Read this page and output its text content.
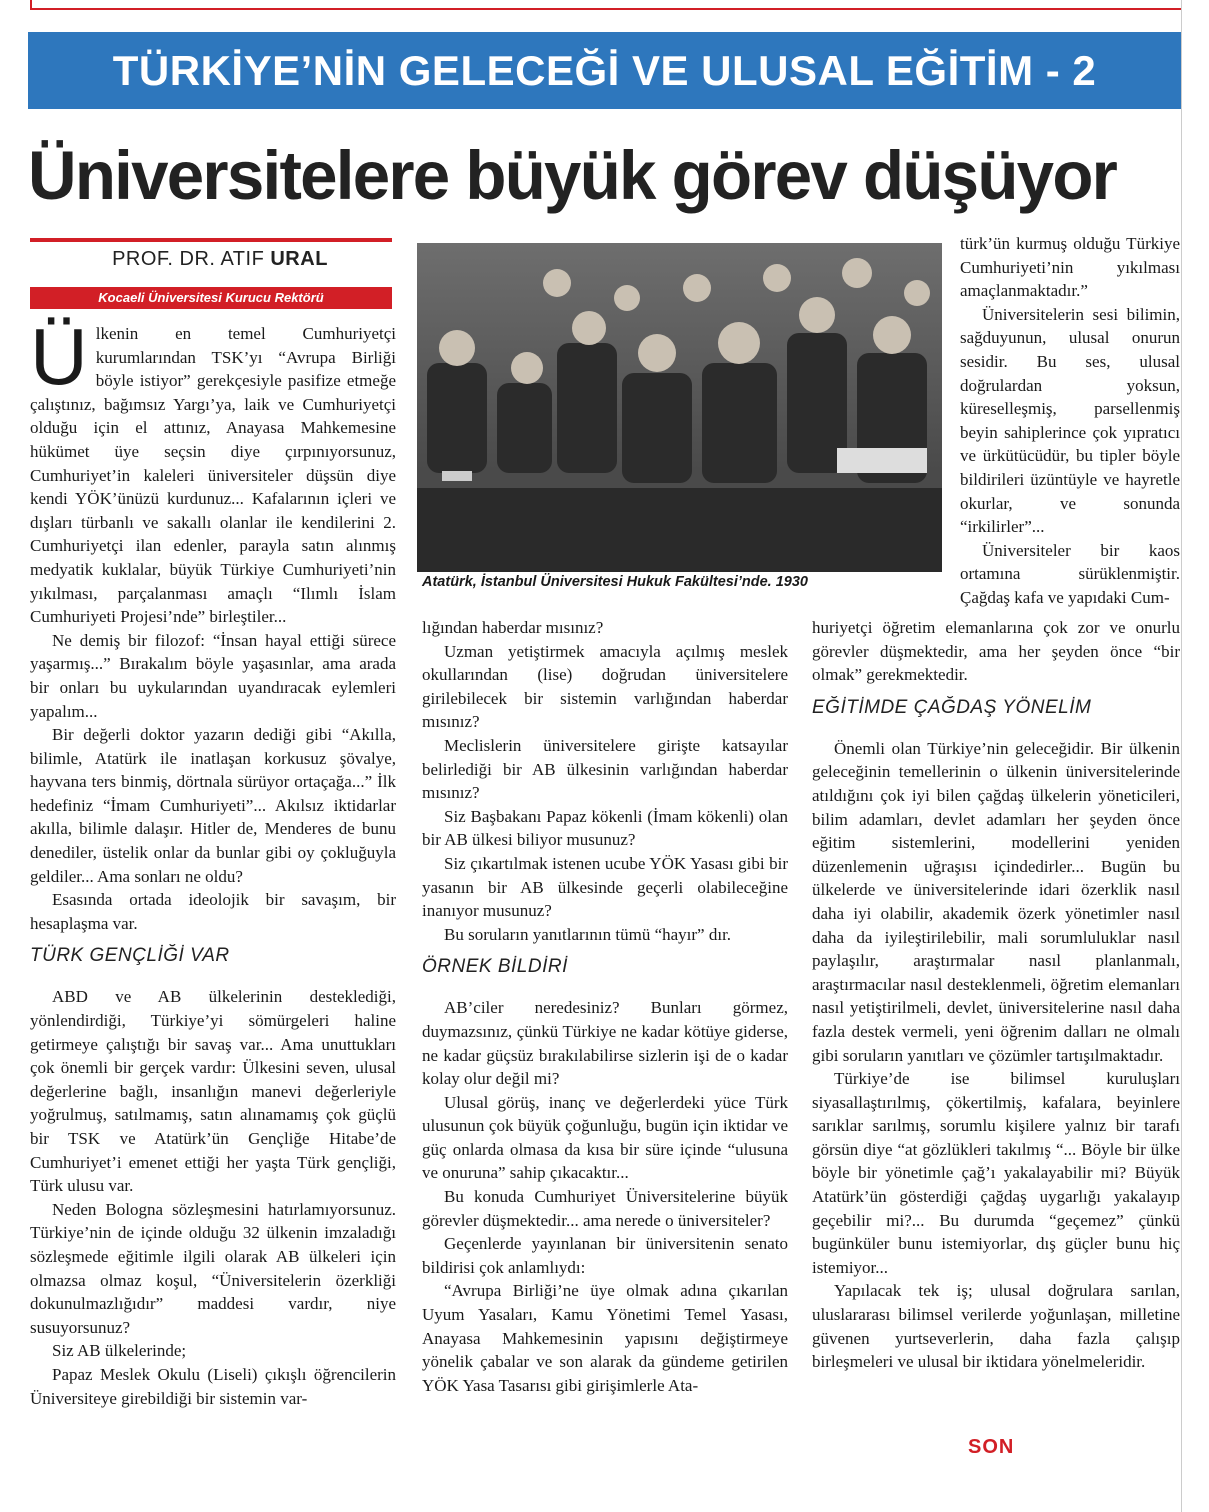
TÜRKİYE’NİN GELECEĞİ VE ULUSAL EĞİTİM - 2
Üniversitelere büyük görev düşüyor
PROF. DR. ATIF URAL
Kocaeli Üniversitesi Kurucu Rektörü

Ülkenin en temel Cumhuriyetçi kurumlarından TSK’yı “Avrupa Birliği böyle istiyor” gerekçesiyle pasifize etmeğe çalıştınız, bağımsız Yargı’ya, laik ve Cumhuriyetçi olduğu için el attınız, Anayasa Mahkemesine hükümet üye seçsin diye çırpınıyorsunuz, Cumhuriyet’in kaleleri üniversiteler düşsün diye kendi YÖK’ünüzü kurdunuz... Kafalarının içleri ve dışları türbanlı ve sakallı olanlar ile kendilerini 2. Cumhuriyetçi ilan edenler, parayla satın alınmış medyatik kuklalar, büyük Türkiye Cumhuriyeti’nin yıkılması, parçalanması amaçlı “Ilımlı İslam Cumhuriyeti Projesi’nde” birleştiler...

Ne demiş bir filozof: “İnsan hayal ettiği sürece yaşarmış...” Bırakalım böyle yaşasınlar, ama arada bir onları bu uykularından uyandıracak eylemleri yapalım...

Bir değerli doktor yazarın dediği gibi “Akılla, bilimle, Atatürk ile inatlaşan korkusuz şövalye, hayvana ters binmiş, dörtnala sürüyor ortaçağa...” İlk hedefiniz “İmam Cumhuriyeti”... Akılsız iktidarlar akılla, bilimle dalaşır. Hitler de, Menderes de bunu denediler, üstelik onlar da bunlar gibi oy çokluğuyla geldiler... Ama sonları ne oldu?

Esasında ortada ideolojik bir savaşım, bir hesaplaşma var.

TÜRK GENÇLİĞİ VAR

ABD ve AB ülkelerinin desteklediği, yönlendirdiği, Türkiye’yi sömürgeleri haline getirmeye çalıştığı bir savaş var... Ama unuttukları çok önemli bir gerçek vardır: Ülkesini seven, ulusal değerlerine bağlı, insanlığın manevi değerleriyle yoğrulmuş, satılmamış, satın alınamamış çok güçlü bir TSK ve Atatürk’ün Gençliğe Hitabe’de Cumhuriyet’i emenet ettiği her yaşta Türk gençliği, Türk ulusu var.

Neden Bologna sözleşmesini hatırlamıyorsunuz. Türkiye’nin de içinde olduğu 32 ülkenin imzaladığı sözleşmede eğitimle ilgili olarak AB ülkeleri için olmazsa olmaz koşul, “Üniversitelerin özerkliği dokunulmazlığıdır” maddesi vardır, niye susuyorsunuz?

Siz AB ülkelerinde;

Papaz Meslek Okulu (Liseli) çıkışlı öğrencilerin Üniversiteye girebildiği bir sistemin var-

Atatürk, İstanbul Üniversitesi Hukuk Fakültesi’nde. 1930

lığından haberdar mısınız?

Uzman yetiştirmek amacıyla açılmış meslek okullarından (lise) doğrudan üniversitelere girilebilecek bir sistemin varlığından haberdar mısınız?

Meclislerin üniversitelere girişte katsayılar belirlediği bir AB ülkesinin varlığından haberdar mısınız?

Siz Başbakanı Papaz kökenli (İmam kökenli) olan bir AB ülkesi biliyor musunuz?

Siz çıkartılmak istenen ucube YÖK Yasası gibi bir yasanın bir AB ülkesinde geçerli olabileceğine inanıyor musunuz?

Bu soruların yanıtlarının tümü “hayır” dır.

ÖRNEK BİLDİRİ

AB’ciler neredesiniz? Bunları görmez, duymazsınız, çünkü Türkiye ne kadar kötüye giderse, ne kadar güçsüz bırakılabilirse sizlerin işi de o kadar kolay olur değil mi?

Ulusal görüş, inanç ve değerlerdeki yüce Türk ulusunun çok büyük çoğunluğu, bugün için iktidar ve güç onlarda olmasa da kısa bir süre içinde “ulusuna ve onuruna” sahip çıkacaktır...

Bu konuda Cumhuriyet Üniversitelerine büyük görevler düşmektedir... ama nerede o üniversiteler?

Geçenlerde yayınlanan bir üniversitenin senato bildirisi çok anlamlıydı:

“Avrupa Birliği’ne üye olmak adına çıkarılan Uyum Yasaları, Kamu Yönetimi Temel Yasası, Anayasa Mahkemesinin yapısını değiştirmeye yönelik çabalar ve son alarak da gündeme getirilen YÖK Yasa Tasarısı gibi girişimlerle Ata-

türk’ün kurmuş olduğu Türkiye Cumhuriyeti’nin yıkılması amaçlanmaktadır.”

Üniversitelerin sesi bilimin, sağduyunun, ulusal onurun sesidir. Bu ses, ulusal doğrulardan yoksun, küreselleşmiş, parsellenmiş beyin sahiplerince çok yıpratıcı ve ürkütücüdür, bu tipler böyle bildirileri üzüntüyle ve hayretle okurlar, ve sonunda “irkilirler”...

Üniversiteler bir kaos ortamına sürüklenmiştir. Çağdaş kafa ve yapıdaki Cum-

huriyetçi öğretim elemanlarına çok zor ve onurlu görevler düşmektedir, ama her şeyden önce “bir olmak” gerekmektedir.

EĞİTİMDE ÇAĞDAŞ YÖNELİM

Önemli olan Türkiye’nin geleceğidir. Bir ülkenin geleceğinin temellerinin o ülkenin üniversitelerinde atıldığını çok iyi bilen çağdaş ülkelerin yöneticileri, bilim adamları, devlet adamları her şeyden önce eğitim sistemlerini, modellerini yeniden düzenlemenin uğraşısı içindedirler... Bugün bu ülkelerde ve üniversitelerinde idari özerklik nasıl daha iyi olabilir, akademik özerk yönetimler nasıl daha da iyileştirilebilir, mali sorumluluklar nasıl paylaşılır, araştırmalar nasıl planlanmalı, araştırmacılar nasıl desteklenmeli, öğretim elemanları nasıl yetiştirilmeli, devlet, üniversitelerine nasıl daha fazla destek vermeli, yeni öğrenim dalları ne olmalı gibi soruların yanıtları ve çözümler tartışılmaktadır.

Türkiye’de ise bilimsel kuruluşları siyasallaştırılmış, çökertilmiş, kafalara, beyinlere sarıklar sarılmış, sorumlu kişilere yalnız bir tarafı görsün diye “at gözlükleri takılmış “... Böyle bir ülke böyle bir yönetimle çağ’ı yakalayabilir mi? Büyük Atatürk’ün gösterdiği çağdaş uygarlığı yakalayıp geçebilir mi?... Bu durumda “geçemez” çünkü bugünküler bunu istemiyorlar, dış güçler bunu hiç istemiyor...

Yapılacak tek iş; ulusal doğrulara sarılan, uluslararası bilimsel verilerde yoğunlaşan, milletine güvenen yurtseverlerin, daha fazla çalışıp birleşmeleri ve ulusal bir iktidara yönelmeleridir.

SON
